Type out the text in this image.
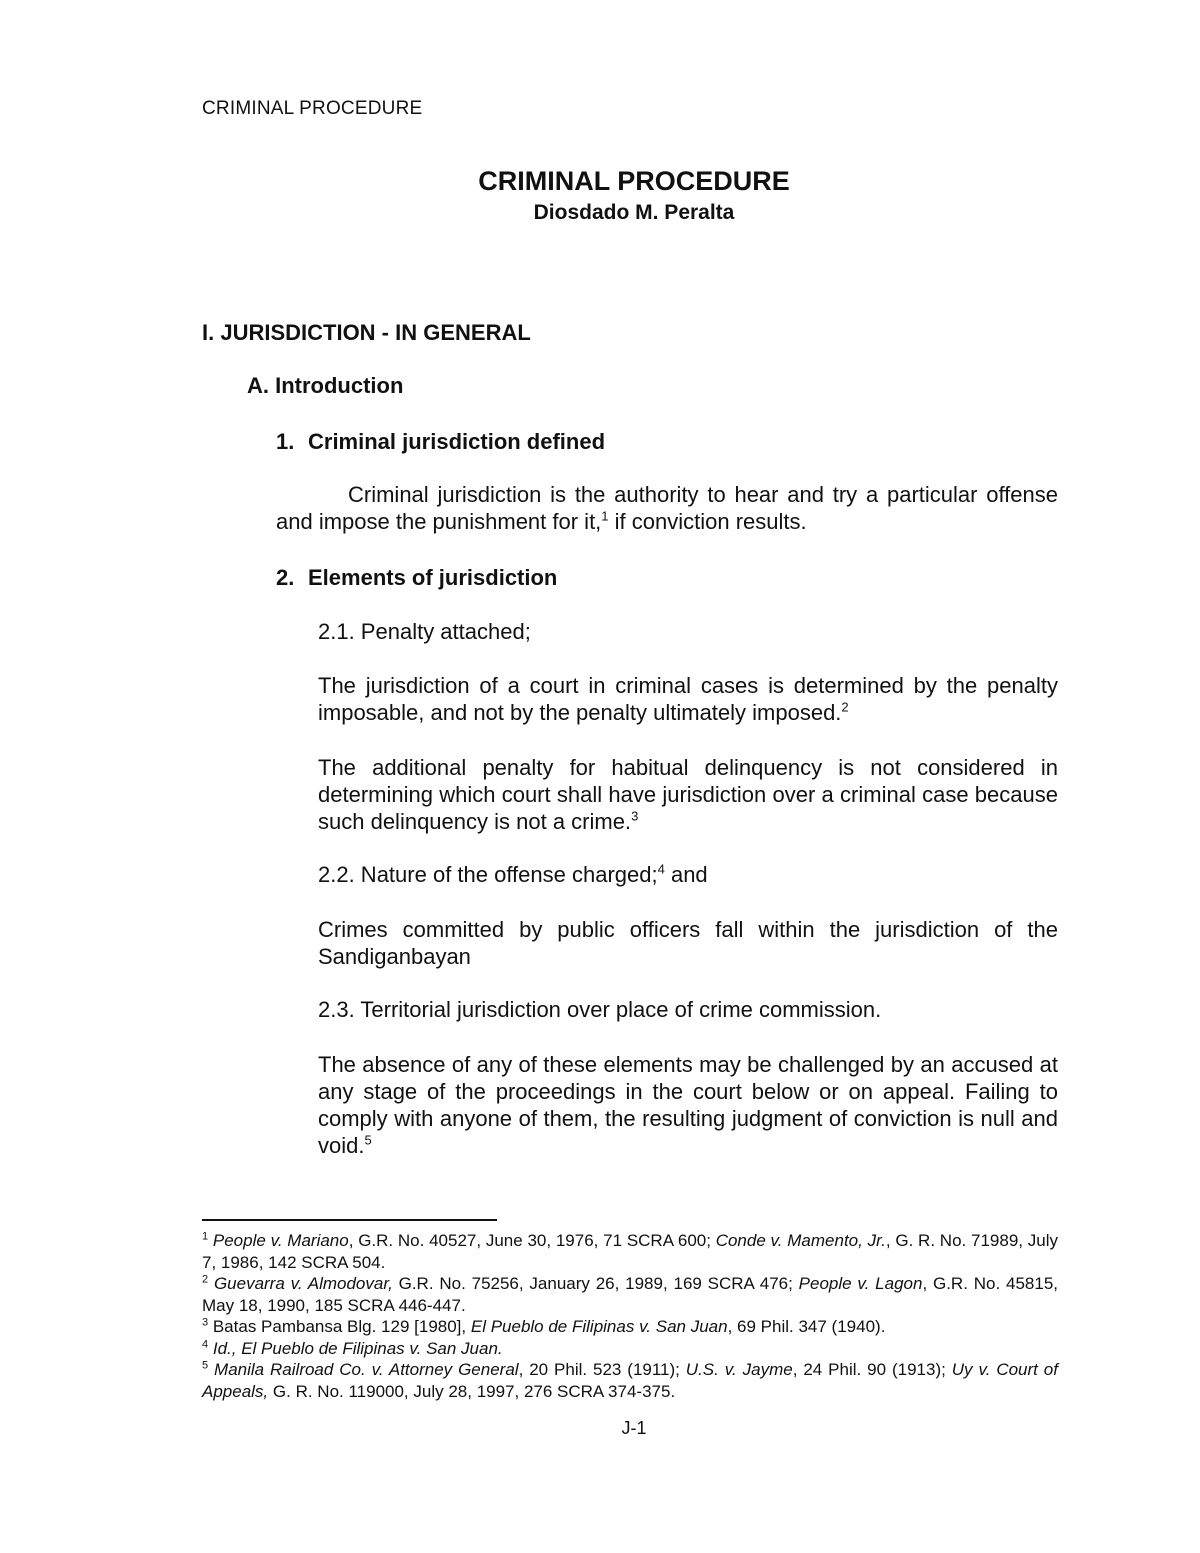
CRIMINAL PROCEDURE
CRIMINAL PROCEDURE
Diosdado M. Peralta
I. JURISDICTION - IN GENERAL
A. Introduction
1. Criminal jurisdiction defined

Criminal jurisdiction is the authority to hear and try a particular offense and impose the punishment for it,$^1$ if conviction results.

2. Elements of jurisdiction

2.1. Penalty attached;

The jurisdiction of a court in criminal cases is determined by the penalty imposable, and not by the penalty ultimately imposed.$^2$

The additional penalty for habitual delinquency is not considered in determining which court shall have jurisdiction over a criminal case because such delinquency is not a crime.$^3$

2.2. Nature of the offense charged;$^4$ and

Crimes committed by public officers fall within the jurisdiction of the Sandiganbayan

2.3. Territorial jurisdiction over place of crime commission.

The absence of any of these elements may be challenged by an accused at any stage of the proceedings in the court below or on appeal. Failing to comply with anyone of them, the resulting judgment of conviction is null and void.$^5$

$^1$ People v. Mariano, G.R. No. 40527, June 30, 1976, 71 SCRA 600; Conde v. Mamento, Jr., G. R. No. 71989, July 7, 1986, 142 SCRA 504.

$^2$ Guevarra v. Almodovar, G.R. No. 75256, January 26, 1989, 169 SCRA 476; People v. Lagon, G.R. No. 45815, May 18, 1990, 185 SCRA 446-447.

$^3$ Batas Pambansa Blg. 129 [1980], El Pueblo de Filipinas v. San Juan, 69 Phil. 347 (1940).

$^4$ Id., El Pueblo de Filipinas v. San Juan.

$^5$ Manila Railroad Co. v. Attorney General, 20 Phil. 523 (1911); U.S. v. Jayme, 24 Phil. 90 (1913); Uy v. Court of Appeals, G. R. No. 119000, July 28, 1997, 276 SCRA 374-375.

J-1
